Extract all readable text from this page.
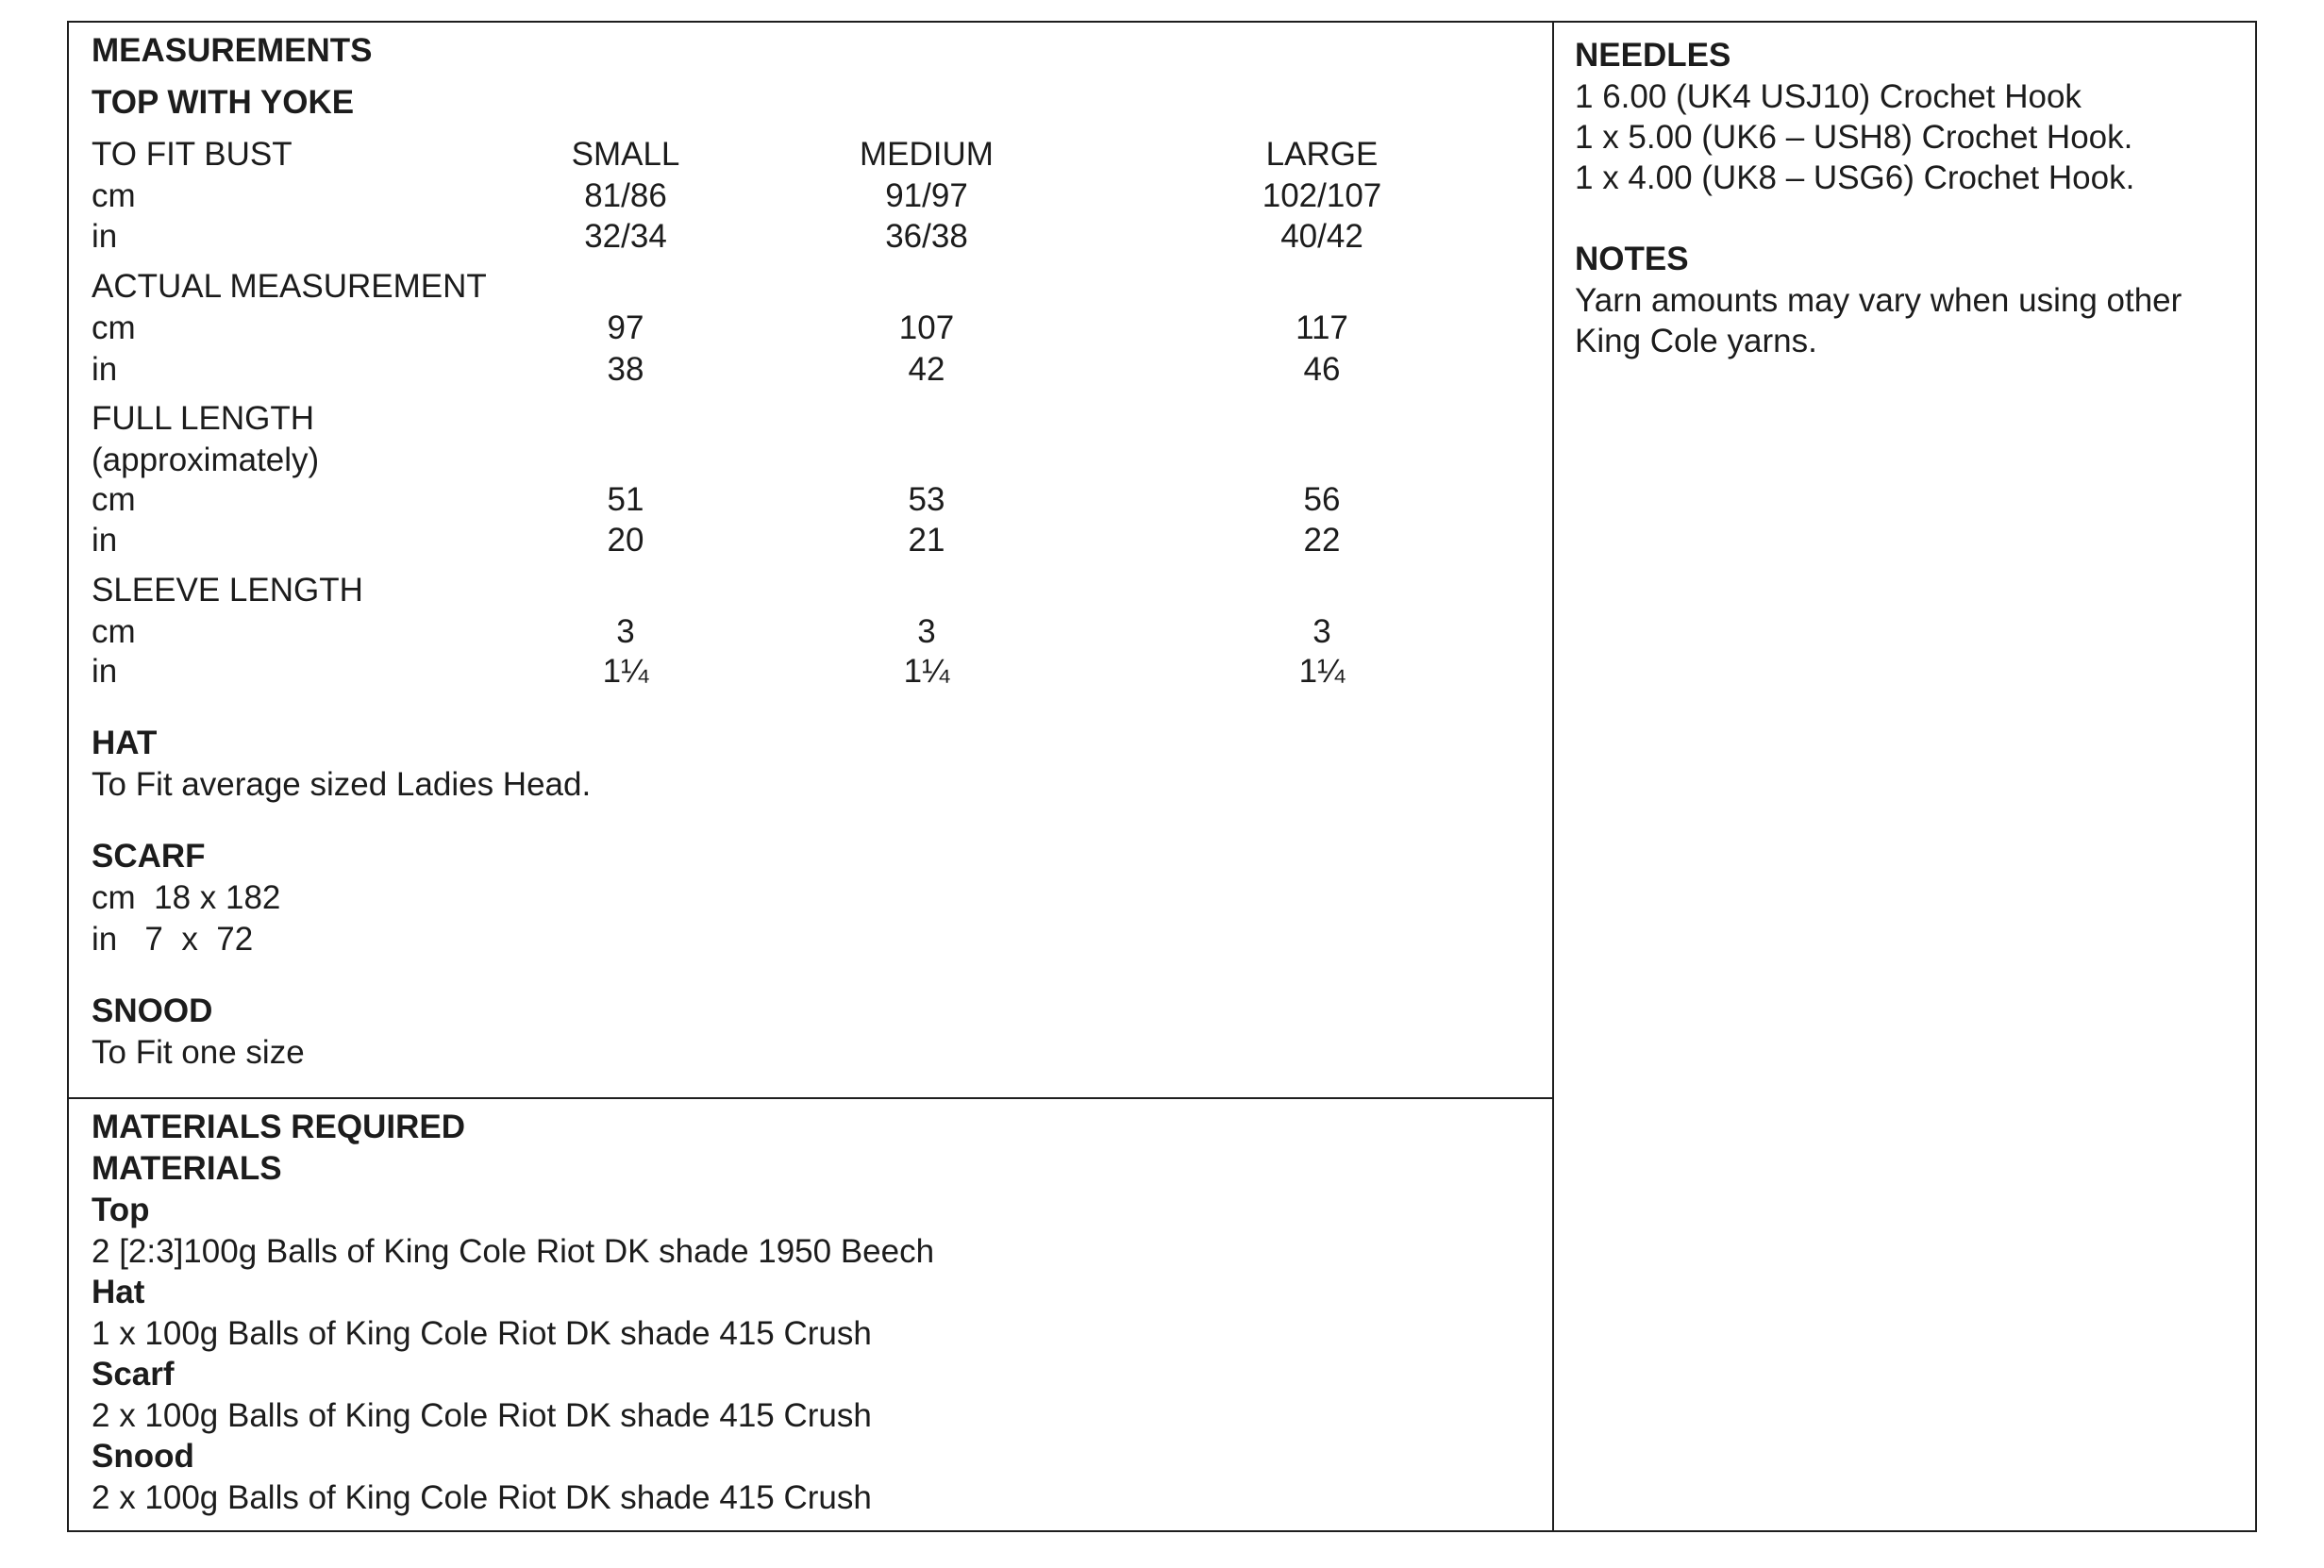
MEASUREMENTS
TOP WITH YOKE
TO FIT BUST	SMALL	MEDIUM	LARGE
cm	81/86	91/97	102/107
in	32/34	36/38	40/42
ACTUAL MEASUREMENT
cm	97	107	117
in	38	42	46
FULL LENGTH
(approximately)
cm	51	53	56
in	20	21	22
SLEEVE LENGTH
cm	3	3	3
in	1¼	1¼	1¼
HAT
To Fit average sized Ladies Head.
SCARF
cm  18 x 182
in   7  x  72
SNOOD
To Fit one size
MATERIALS REQUIRED
MATERIALS
Top
2 [2:3]100g Balls of King Cole Riot DK shade 1950 Beech
Hat
1 x 100g Balls of King Cole Riot DK shade 415 Crush
Scarf
2 x 100g Balls of King Cole Riot DK shade 415 Crush
Snood
2 x 100g Balls of King Cole Riot DK shade 415 Crush
NEEDLES
1 6.00 (UK4 USJ10) Crochet Hook
1 x 5.00 (UK6 – USH8) Crochet Hook.
1 x 4.00 (UK8 – USG6) Crochet Hook.
NOTES
Yarn amounts may vary when using other
King Cole yarns.
